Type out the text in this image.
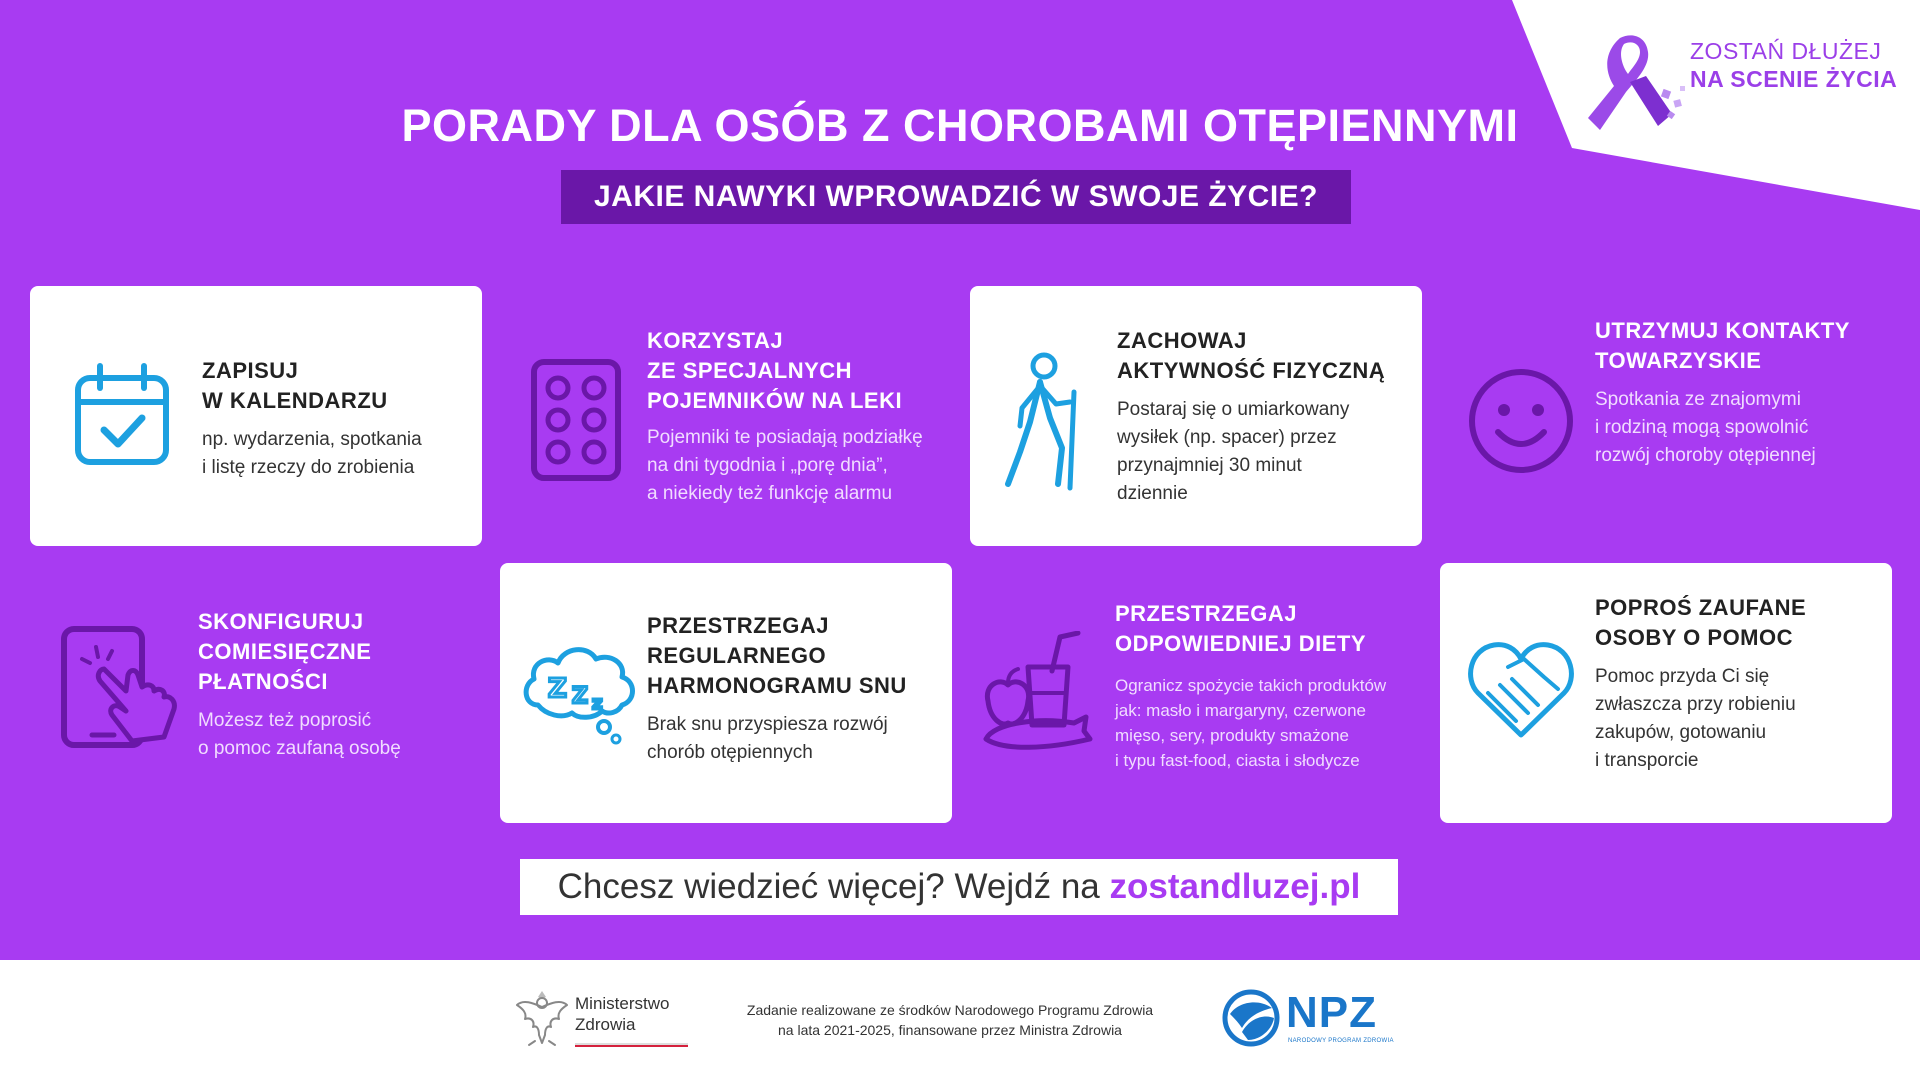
ZOSTAŃ DŁUŻEJ
NA SCENIE ŻYCIA
PORADY DLA OSÓB Z CHOROBAMI OTĘPIENNYMI
JAKIE NAWYKI WPROWADZIĆ W SWOJE ŻYCIE?
ZAPISUJ
W KALENDARZU
np. wydarzenia, spotkania
i listę rzeczy do zrobienia
KORZYSTAJ
ZE SPECJALNYCH
POJEMNIKÓW NA LEKI
Pojemniki te posiadają podziałkę
na dni tygodnia i „porę dnia”,
a niekiedy też funkcję alarmu
ZACHOWAJ
AKTYWNOŚĆ FIZYCZNĄ
Postaraj się o umiarkowany
wysiłek (np. spacer) przez
przynajmniej 30 minut
dziennie
UTRZYMUJ KONTAKTY
TOWARZYSKIE
Spotkania ze znajomymi
i rodziną mogą spowolnić
rozwój choroby otępiennej
SKONFIGURUJ
COMIESIĘCZNE
PŁATNOŚCI
Możesz też poprosić
o pomoc zaufaną osobę
Z Z z
PRZESTRZEGAJ
REGULARNEGO
HARMONOGRAMU SNU
Brak snu przyspiesza rozwój
chorób otępiennych
PRZESTRZEGAJ
ODPOWIEDNIEJ DIETY
Ogranicz spożycie takich produktów
jak: masło i margaryny, czerwone
mięso, sery, produkty smażone
i typu fast-food, ciasta i słodycze
POPROŚ ZAUFANE
OSOBY O POMOC
Pomoc przyda Ci się
zwłaszcza przy robieniu
zakupów, gotowaniu
i transporcie
Chcesz wiedzieć więcej? Wejdź na zostandluzej.pl
Ministerstwo
Zdrowia
Zadanie realizowane ze środków Narodowego Programu Zdrowia
na lata 2021-2025, finansowane przez Ministra Zdrowia	NPZ
NARODOWY PROGRAM ZDROWIA
